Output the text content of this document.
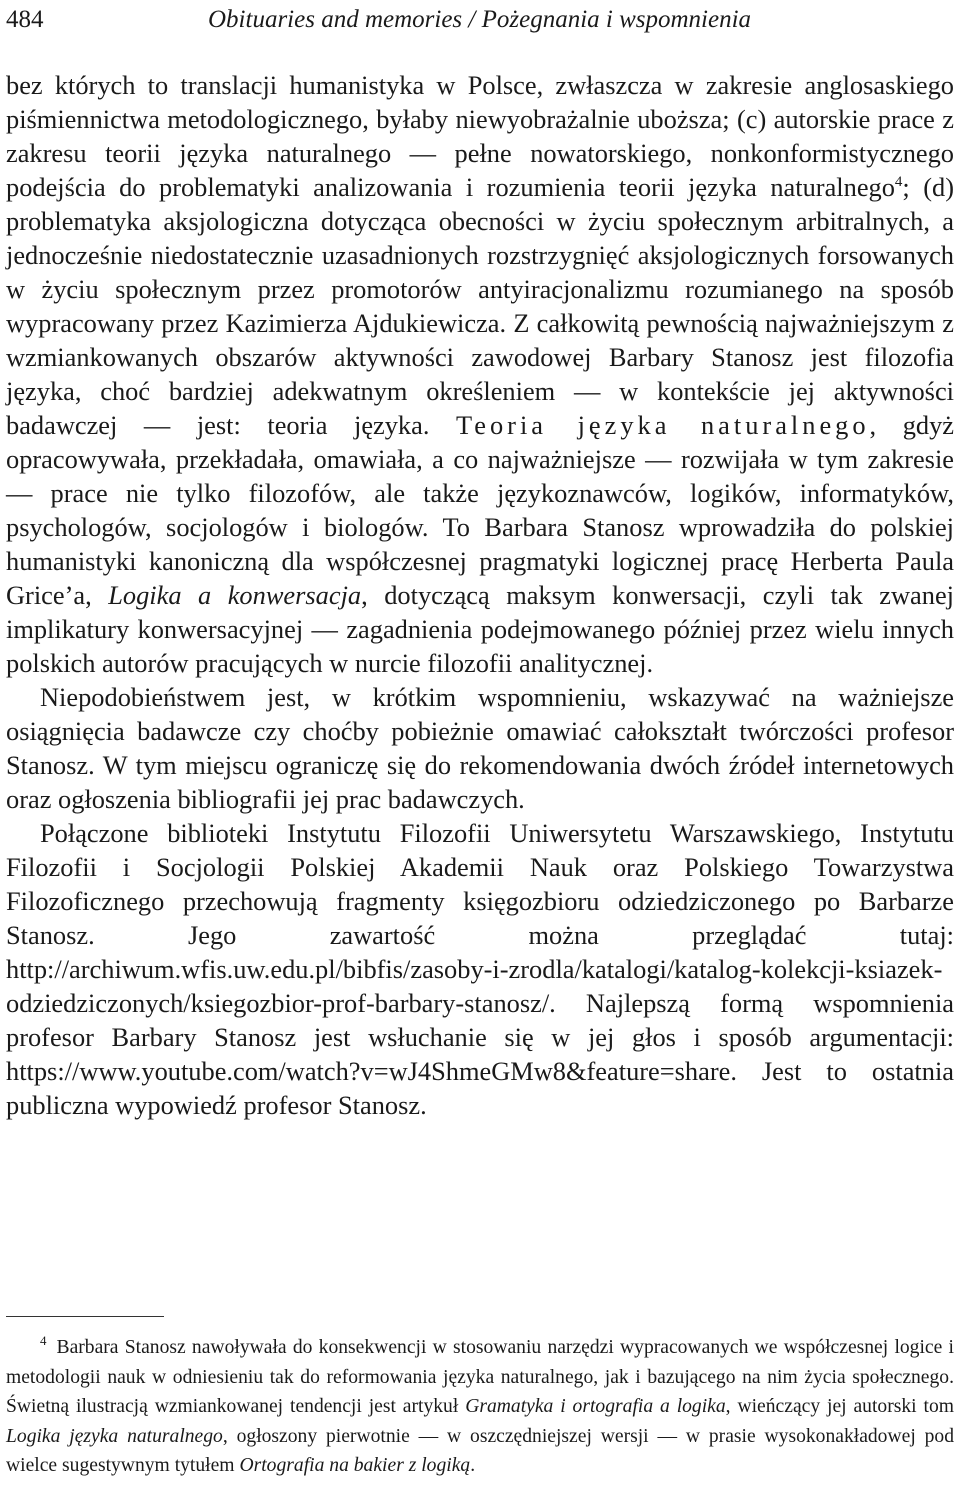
484	Obituaries and memories / Pożegnania i wspomnienia

bez których to translacji humanistyka w Polsce, zwłaszcza w zakresie anglosaskiego piśmiennictwa metodologicznego, byłaby niewyobrażalnie uboższa; (c) autorskie prace z zakresu teorii języka naturalnego — pełne nowatorskiego, nonkonformistycznego podejścia do problematyki analizowania i rozumienia teorii języka naturalnego$^4$; (d) problematyka aksjologiczna dotycząca obecności w życiu społecznym arbitralnych, a jednocześnie niedostatecznie uzasadnionych rozstrzygnięć aksjologicznych forsowanych w życiu społecznym przez promotorów antyiracjonalizmu rozumianego na sposób wypracowany przez Kazimierza Ajdukiewicza. Z całkowitą pewnością najważniejszym z wzmiankowanych obszarów aktywności zawodowej Barbary Stanosz jest filozofia języka, choć bardziej adekwatnym określeniem — w kontekście jej aktywności badawczej — jest: teoria języka. Teoria języka naturalnego, gdyż opracowywała, przekładała, omawiała, a co najważniejsze — rozwijała w tym zakresie — prace nie tylko filozofów, ale także językoznawców, logików, informatyków, psychologów, socjologów i biologów. To Barbara Stanosz wprowadziła do polskiej humanistyki kanoniczną dla współczesnej pragmatyki logicznej pracę Herberta Paula Grice’a, Logika a konwersacja, dotyczącą maksym konwersacji, czyli tak zwanej implikatury konwersacyjnej — zagadnienia podejmowanego później przez wielu innych polskich autorów pracujących w nurcie filozofii analitycznej.

Niepodobieństwem jest, w krótkim wspomnieniu, wskazywać na ważniejsze osiągnięcia badawcze czy choćby pobieżnie omawiać całokształt twórczości profesor Stanosz. W tym miejscu ograniczę się do rekomendowania dwóch źródeł internetowych oraz ogłoszenia bibliografii jej prac badawczych.

Połączone biblioteki Instytutu Filozofii Uniwersytetu Warszawskiego, Instytutu Filozofii i Socjologii Polskiej Akademii Nauk oraz Polskiego Towarzystwa Filozoficznego przechowują fragmenty księgozbioru odziedziczonego po Barbarze Stanosz. Jego zawartość można przeglądać tutaj: http://archiwum.wfis.uw.edu.pl/bibfis/zasoby-i-zrodla/katalogi/katalog-kolekcji-ksiazek-odziedziczonych/ksiegozbior-prof-barbary-stanosz/. Najlepszą formą wspomnienia profesor Barbary Stanosz jest wsłuchanie się w jej głos i sposób argumentacji: https://www.youtube.com/watch?v=wJ4ShmeGMw8&feature=share. Jest to ostatnia publiczna wypowiedź profesor Stanosz.

$^4$ Barbara Stanosz nawoływała do konsekwencji w stosowaniu narzędzi wypracowanych we współczesnej logice i metodologii nauk w odniesieniu tak do reformowania języka naturalnego, jak i bazującego na nim życia społecznego. Świetną ilustracją wzmiankowanej tendencji jest artykuł Gramatyka i ortografia a logika, wieńczący jej autorski tom Logika języka naturalnego, ogłoszony pierwotnie — w oszczędniejszej wersji — w prasie wysokonakładowej pod wielce sugestywnym tytułem Ortografia na bakier z logiką.
